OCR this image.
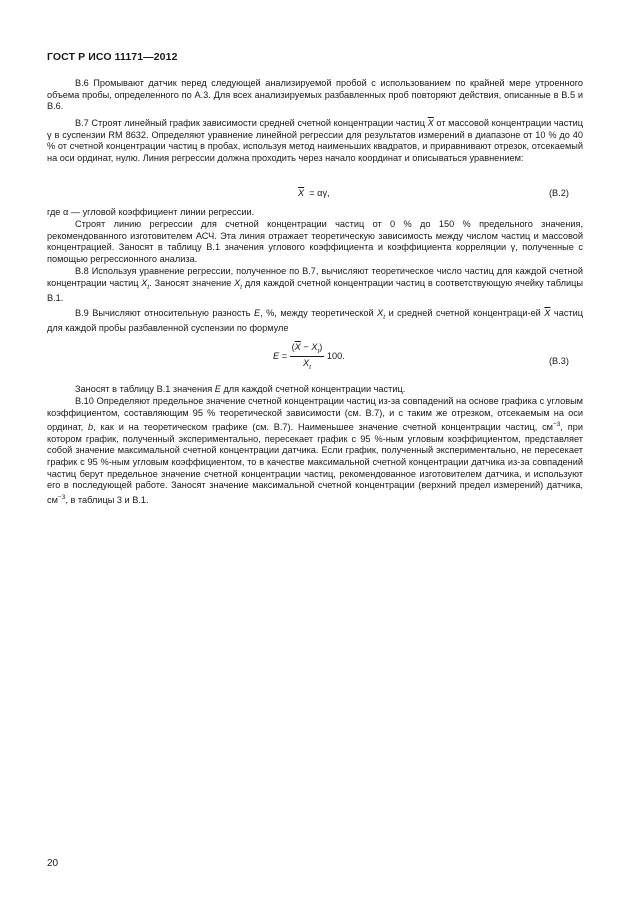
ГОСТ Р ИСО 11171—2012

В.6 Промывают датчик перед следующей анализируемой пробой с использованием по крайней мере утроенного объема пробы, определенного по А.3. Для всех анализируемых разбавленных проб повторяют действия, описанные в В.5 и В.6.

В.7 Строят линейный график зависимости средней счетной концентрации частиц $\overline{X}$ от массовой концентрации частиц γ в суспензии RM 8632. Определяют уравнение линейной регрессии для результатов измерений в диапазоне от 10 % до 40 % от счетной концентрации частиц в пробах, используя метод наименьших квадратов, и приравнивают отрезок, отсекаемый на оси ординат, нулю. Линия регрессии должна проходить через начало координат и описываться уравнением:

$\overline{X} = \alpha\gamma$,	(В.2)
где α — угловой коэффициент линии регрессии.

Строят линию регрессии для счетной концентрации частиц от 0 % до 150 % предельного значения, рекомендованного изготовителем АСЧ. Эта линия отражает теоретическую зависимость между числом частиц и массовой концентрацией. Заносят в таблицу В.1 значения углового коэффициента и коэффициента корреляции γ, полученные с помощью регрессионного анализа.

В.8 Используя уравнение регрессии, полученное по В.7, вычисляют теоретическое число частиц для каждой счетной концентрации частиц $X_t$. Заносят значение $X_t$ для каждой счетной концентрации частиц в соответствующую ячейку таблицы В.1.

В.9 Вычисляют относительную разность E, %, между теоретической $X_t$ и средней счетной концентраци-ей $\overline{X}$ частиц для каждой пробы разбавленной суспензии по формуле

$E = \frac{(\overline{X} - X_t)}{X_t} 100$.
(В.3)

Заносят в таблицу В.1 значения E для каждой счетной концентрации частиц.

В.10 Определяют предельное значение счетной концентрации частиц из-за совпадений на основе графика с угловым коэффициентом, составляющим 95 % теоретической зависимости (см. В.7), и с таким же отрезком, отсекаемым на оси ординат, b, как и на теоретическом графике (см. В.7). Наименьшее значение счетной концентрации частиц, $см^{-3}$, при котором график, полученный экспериментально, пересекает график с 95 %-ным угловым коэффициентом, представляет собой значение максимальной счетной концентрации датчика. Если график, полученный экспериментально, не пересекает график с 95 %-ным угловым коэффициентом, то в качестве максимальной счетной концентрации датчика из-за совпадений частиц берут предельное значение счетной концентрации частиц, рекомендованное изготовителем датчика, и используют его в последующей работе. Заносят значение максимальной счетной концентрации (верхний предел измерений) датчика, $см^{-3}$, в таблицы 3 и В.1.

20
